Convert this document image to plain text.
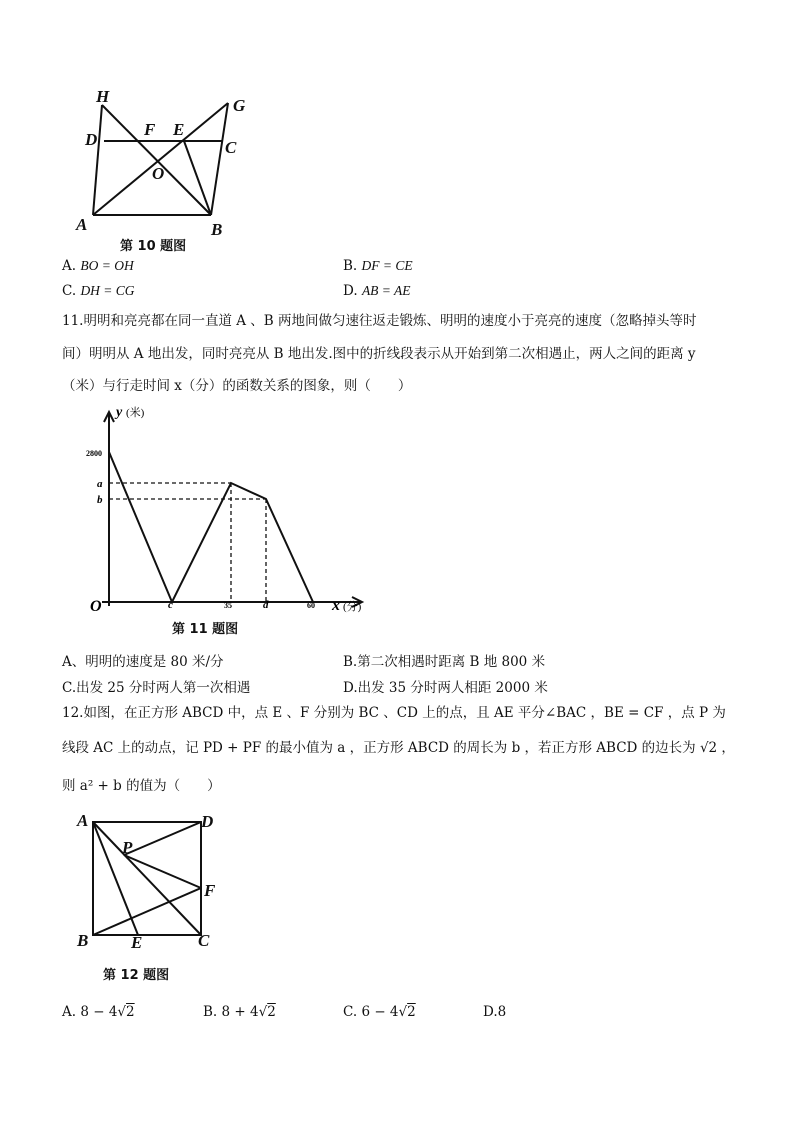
H	G
D
F E
C
O
A	B
第 10 题图
A. BO = OH	B. DF = CE
C. DH = CG	D. AB = AE
11.明明和亮亮都在同一直道 A 、B 两地间做匀速往返走锻炼、明明的速度小于亮亮的速度（忽略掉头等时
间）明明从 A 地出发，同时亮亮从 B 地出发.图中的折线段表示从开始到第二次相遇止，两人之间的距离 y
（米）与行走时间 x（分）的函数关系的图象，则（　　）
y (米)
x (分)
O	c	35	d	60
2800
a
b
第 11 题图
A、明明的速度是 80 米/分	B.第二次相遇时距离 B 地 800 米
C.出发 25 分时两人第一次相遇	D.出发 35 分时两人相距 2000 米
12.如图，在正方形 ABCD 中，点 E 、F 分别为 BC 、CD 上的点，且 AE 平分∠BAC ，BE = CF ，点 P 为
线段 AC 上的动点，记 PD + PF 的最小值为 a ，正方形 ABCD 的周长为 b ，若正方形 ABCD 的边长为 √2 ，
则 a² + b 的值为（　　）
A	D
P
F
B	E	C
第 12 题图
A. 8 − 4√2	B. 8 + 4√2	C. 6 − 4√2	D.8
